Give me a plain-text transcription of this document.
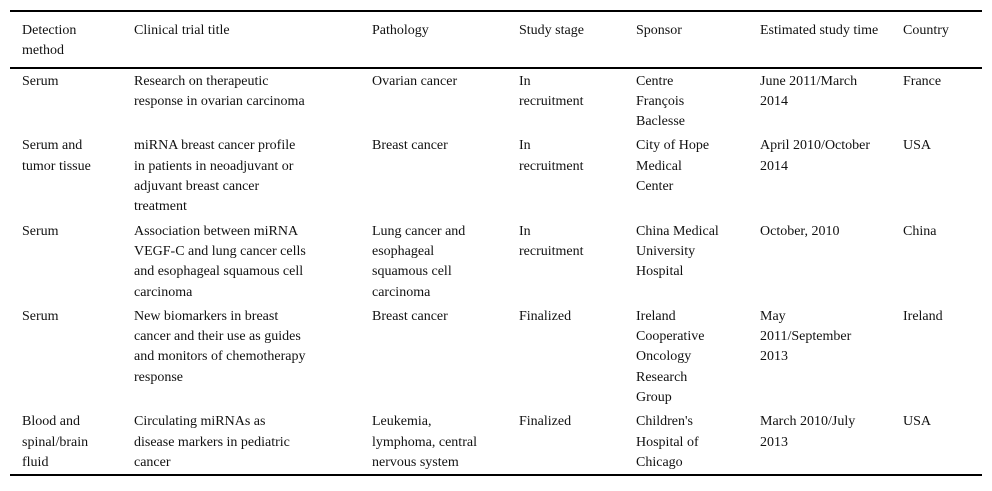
Detection method	Clinical trial title	Pathology	Study stage	Sponsor	Estimated study time	Country
Serum	Research on therapeutic response in ovarian carcinoma	Ovarian cancer	In recruitment	Centre François Baclesse	June 2011/March 2014	France
Serum and tumor tissue	miRNA breast cancer profile in patients in neoadjuvant or adjuvant breast cancer treatment	Breast cancer	In recruitment	City of Hope Medical Center	April 2010/October 2014	USA
Serum	Association between miRNA VEGF-C and lung cancer cells and esophageal squamous cell carcinoma	Lung cancer and esophageal squamous cell carcinoma	In recruitment	China Medical University Hospital	October, 2010	China
Serum	New biomarkers in breast cancer and their use as guides and monitors of chemotherapy response	Breast cancer	Finalized	Ireland Cooperative Oncology Research Group	May 2011/September 2013	Ireland
Blood and spinal/brain fluid	Circulating miRNAs as disease markers in pediatric cancer	Leukemia, lymphoma, central nervous system	Finalized	Children's Hospital of Chicago	March 2010/July 2013	USA
